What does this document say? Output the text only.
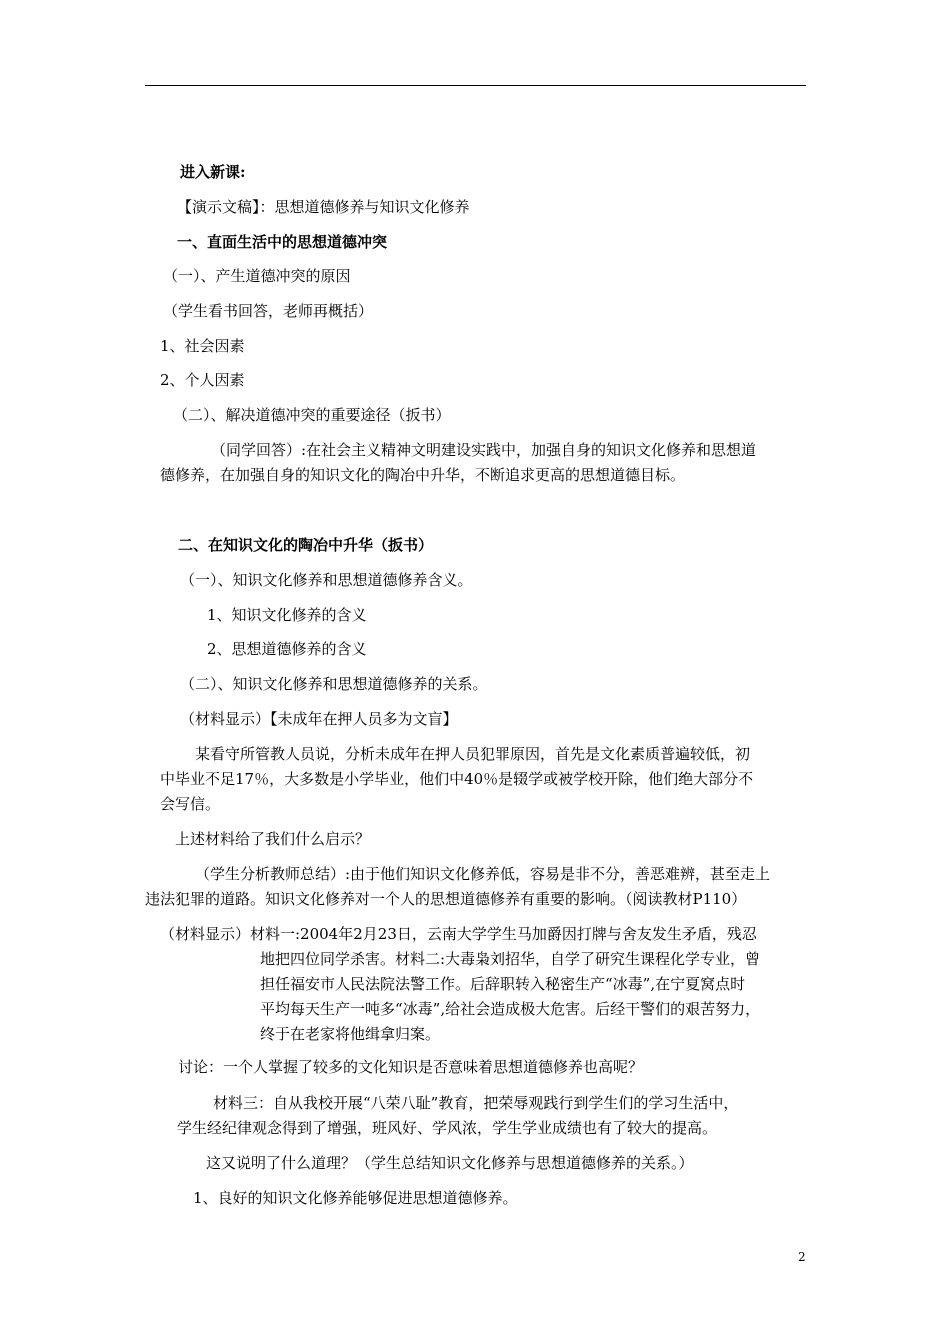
进入新课:
【演示文稿】：思想道德修养与知识文化修养
一、直面生活中的思想道德冲突
（一）、产生道德冲突的原因
（学生看书回答，老师再概括）
1、社会因素
2、个人因素
（二）、解决道德冲突的重要途径（扳书）
（同学回答）:在社会主义精神文明建设实践中，加强自身的知识文化修养和思想道
德修养，在加强自身的知识文化的陶冶中升华，不断追求更高的思想道德目标。
二、在知识文化的陶冶中升华（扳书）
（一）、知识文化修养和思想道德修养含义。
1、知识文化修养的含义
2、思想道德修养的含义
（二）、知识文化修养和思想道德修养的关系。
（材料显示）【未成年在押人员多为文盲】
某看守所管教人员说，分析未成年在押人员犯罪原因，首先是文化素质普遍较低，初
中毕业不足17％，大多数是小学毕业，他们中40％是辍学或被学校开除，他们绝大部分不
会写信。
上述材料给了我们什么启示？
（学生分析教师总结）:由于他们知识文化修养低，容易是非不分，善恶难辨，甚至走上
违法犯罪的道路。知识文化修养对一个人的思想道德修养有重要的影响。（阅读教材P110）
（材料显示）材料一:2004年2月23日，云南大学学生马加爵因打牌与舍友发生矛盾，残忍
地把四位同学杀害。材料二:大毒枭刘招华，自学了研究生课程化学专业，曾
担任福安市人民法院法警工作。后辞职转入秘密生产“冰毒”,在宁夏窝点时
平均每天生产一吨多“冰毒”,给社会造成极大危害。后经干警们的艰苦努力，
终于在老家将他缉拿归案。
讨论：一个人掌握了较多的文化知识是否意味着思想道德修养也高呢？
材料三：自从我校开展“八荣八耻”教育，把荣辱观践行到学生们的学习生活中，
学生经纪律观念得到了增强，班风好、学风浓，学生学业成绩也有了较大的提高。
这又说明了什么道理？（学生总结知识文化修养与思想道德修养的关系。）
1、良好的知识文化修养能够促进思想道德修养。
2
